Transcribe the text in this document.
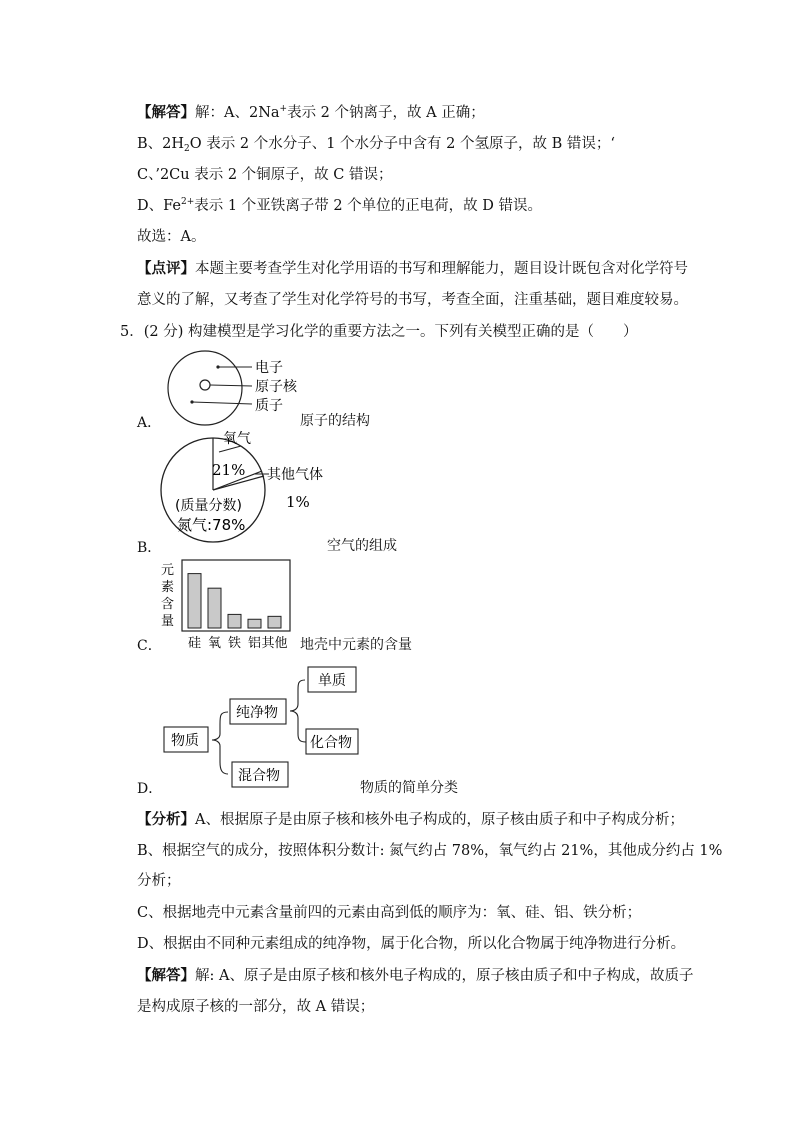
【解答】解：A、2Na+表示 2 个钠离子，故 A 正确；
B、$2H_2O$ 表示 2 个水分子、1 个水分子中含有 2 个氢原子，故 B 错误；‘
C、’2Cu 表示 2 个铜原子，故 C 错误；
D、$Fe^{2+}$表示 1 个亚铁离子带 2 个单位的正电荷，故 D 错误。
故选：A。
【点评】本题主要考查学生对化学用语的书写和理解能力，题目设计既包含对化学符号
意义的了解，又考查了学生对化学符号的书写，考查全面，注重基础，题目难度较易。
5．(2 分) 构建模型是学习化学的重要方法之一。下列有关模型正确的是（　　）
电子
原子核
质子
A．	原子的结构
氧气
21% 其他气体
1%
(质量分数)
氮气:78%
B．	空气的组成
元
素
含
量
硅 氧 铁 铝 其他
C．	地壳中元素的含量
物质
纯净物
混合物
单质
化合物
D．	物质的简单分类
【分析】A、根据原子是由原子核和核外电子构成的，原子核由质子和中子构成分析；
B、根据空气的成分，按照体积分数计: 氮气约占 78%，氧气约占 21%，其他成分约占 1%
分析；
C、根据地壳中元素含量前四的元素由高到低的顺序为：氧、硅、铝、铁分析；
D、根据由不同种元素组成的纯净物，属于化合物，所以化合物属于纯净物进行分析。
【解答】解: A、原子是由原子核和核外电子构成的，原子核由质子和中子构成，故质子
是构成原子核的一部分，故 A 错误；
